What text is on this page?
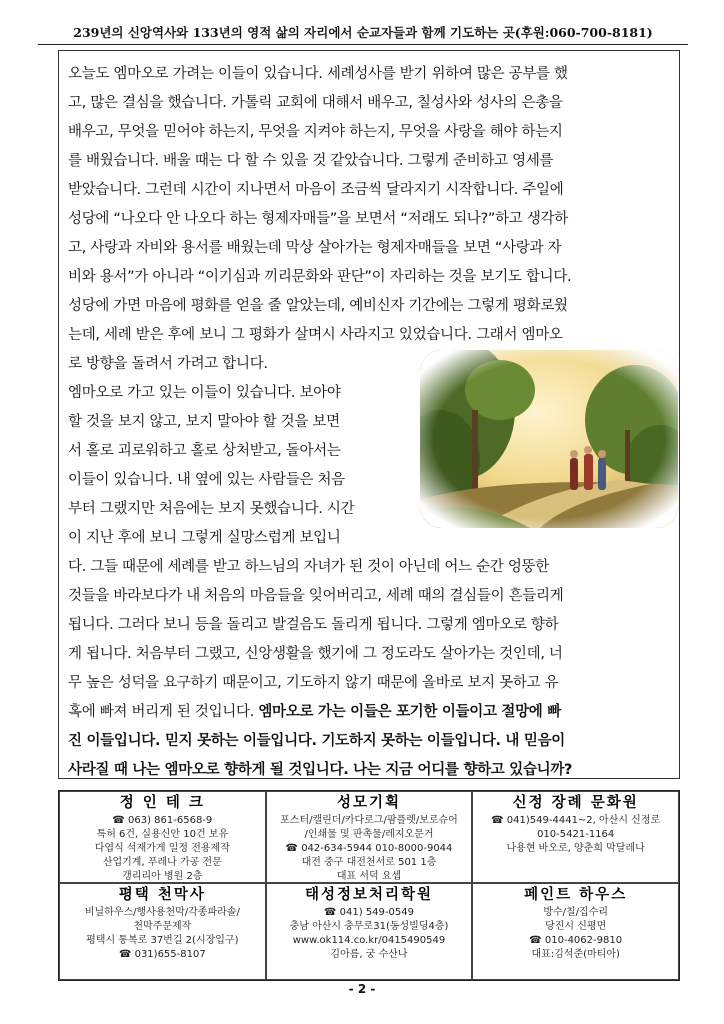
239년의 신앙역사와 133년의 영적 삶의 자리에서 순교자들과 함께 기도하는 곳(후원:060-700-8181)
오늘도 엠마오로 가려는 이들이 있습니다. 세례성사를 받기 위하여 많은 공부를 했
고, 많은 결심을 했습니다. 가톨릭 교회에 대해서 배우고, 칠성사와 성사의 은총을
배우고, 무엇을 믿어야 하는지, 무엇을 지켜야 하는지, 무엇을 사랑을 해야 하는지
를 배웠습니다. 배울 때는 다 할 수 있을 것 같았습니다. 그렇게 준비하고 영세를
받았습니다. 그런데 시간이 지나면서 마음이 조금씩 달라지기 시작합니다. 주일에
성당에 “나오다 안 나오다 하는 형제자매들”을 보면서 “저래도 되나?”하고 생각하
고, 사랑과 자비와 용서를 배웠는데 막상 살아가는 형제자매들을 보면 “사랑과 자
비와 용서”가 아니라 “이기심과 끼리문화와 판단”이 자리하는 것을 보기도 합니다.
성당에 가면 마음에 평화를 얻을 줄 알았는데, 예비신자 기간에는 그렇게 평화로웠
는데, 세례 받은 후에 보니 그 평화가 살며시 사라지고 있었습니다. 그래서 엠마오
로 방향을 돌려서 가려고 합니다.
엠마오로 가고 있는 이들이 있습니다. 보아야
할 것을 보지 않고, 보지 말아야 할 것을 보면
서 홀로 괴로워하고 홀로 상처받고, 돌아서는
이들이 있습니다. 내 옆에 있는 사람들은 처음
부터 그랬지만 처음에는 보지 못했습니다. 시간
이 지난 후에 보니 그렇게 실망스럽게 보입니
다. 그들 때문에 세례를 받고 하느님의 자녀가 된 것이 아닌데 어느 순간 엉뚱한
것들을 바라보다가 내 처음의 마음들을 잊어버리고, 세례 때의 결심들이 흔들리게
됩니다. 그러다 보니 등을 돌리고 발걸음도 돌리게 됩니다. 그렇게 엠마오로 향하
게 됩니다. 처음부터 그랬고, 신앙생활을 했기에 그 정도라도 살아가는 것인데, 너
무 높은 성덕을 요구하기 때문이고, 기도하지 않기 때문에 올바로 보지 못하고 유
혹에 빠져 버리게 된 것입니다. 엠마오로 가는 이들은 포기한 이들이고 절망에 빠
진 이들입니다. 믿지 못하는 이들입니다. 기도하지 못하는 이들입니다. 내 믿음이
사라질 때 나는 엠마오로 향하게 될 것입니다. 나는 지금 어디를 향하고 있습니까?
정 인 테 크
☎ 063) 861-6568-9
특허 6건, 실용신안 10건 보유
다엽식 석재가게 일정 전용제작
산업기계, 푸레나 가공 전문
갱리리아 병원 2층
성모기획
포스터/캘린더/카다로그/팜플렛/보로슈어
/인쇄물 및 판촉물/레지오문거
☎ 042-634-5944 010-8000-9044
대전 중구 대전천서로 501 1층
대표 서덕 요셉
신정 장례 문화원
☎ 041)549-4441~2, 아산시 신정로
010-5421-1164
나용현 바오로, 양춘희 막달레나
평택 천막사
비닐하우스/행사용천막/각종파라솔/
천막주문제작
평택시 통복로 37번길 2(시장입구)
☎ 031)655-8107
태성정보처리학원
☎ 041) 549-0549
충남 아산시 충무로31(동성빌딩4층)
www.ok114.co.kr/0415490549
김아름, 궁 수산나
페인트 하우스
방수/칠/집수리
당진시 신평면
☎ 010-4062-9810
대표:김석준(마티아)
- 2 -
